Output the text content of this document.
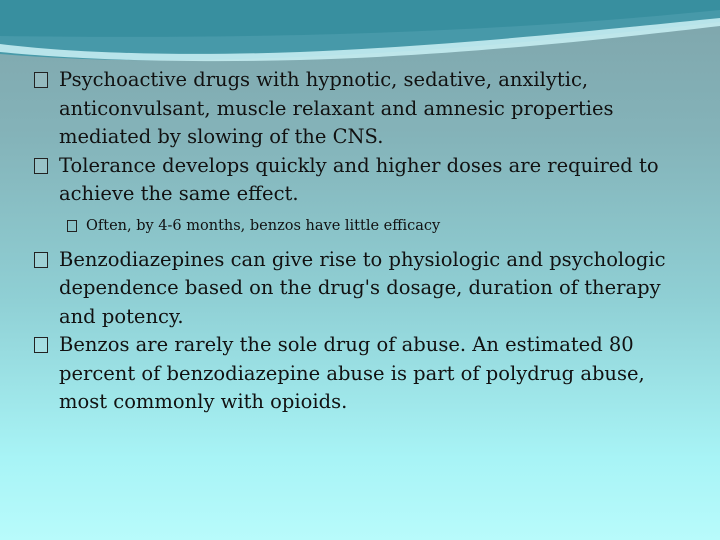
Psychoactive drugs with hypnotic, sedative, anxilytic, anticonvulsant, muscle relaxant and amnesic properties mediated by slowing of the CNS.

Tolerance develops quickly and higher doses are required to achieve the same effect.

Often, by 4-6 months, benzos have little efficacy

Benzodiazepines can give rise to physiologic and psychologic dependence based on the drug's dosage, duration of therapy and potency.

Benzos are rarely the sole drug of abuse. An estimated 80 percent of benzodiazepine abuse is part of polydrug abuse, most commonly with opioids.
